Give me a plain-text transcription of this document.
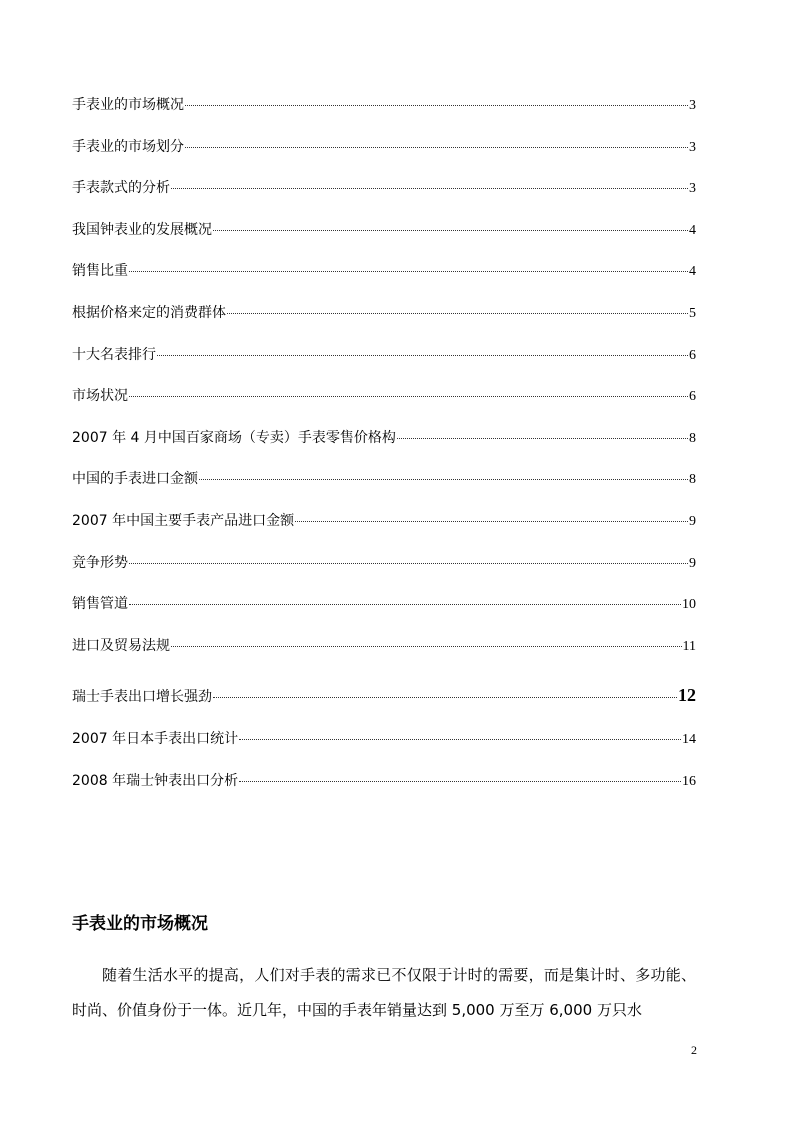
手表业的市场概况	3
手表业的市场划分	3
手表款式的分析	3
我国钟表业的发展概况	4
销售比重	4
根据价格来定的消费群体	5
十大名表排行	6
市场状况	6
2007 年 4 月中国百家商场（专卖）手表零售价格构	8
中国的手表进口金额	8
2007 年中国主要手表产品进口金额	9
竞争形势	9
销售管道	10
进口及贸易法规	11
瑞士手表出口增长强劲	12
2007 年日本手表出口统计	14
2008 年瑞士钟表出口分析	16
手表业的市场概况

随着生活水平的提高，人们对手表的需求已不仅限于计时的需要，而是集计时、多功能、时尚、价值身份于一体。近几年，中国的手表年销量达到 5,000 万至万 6,000 万只水

2
